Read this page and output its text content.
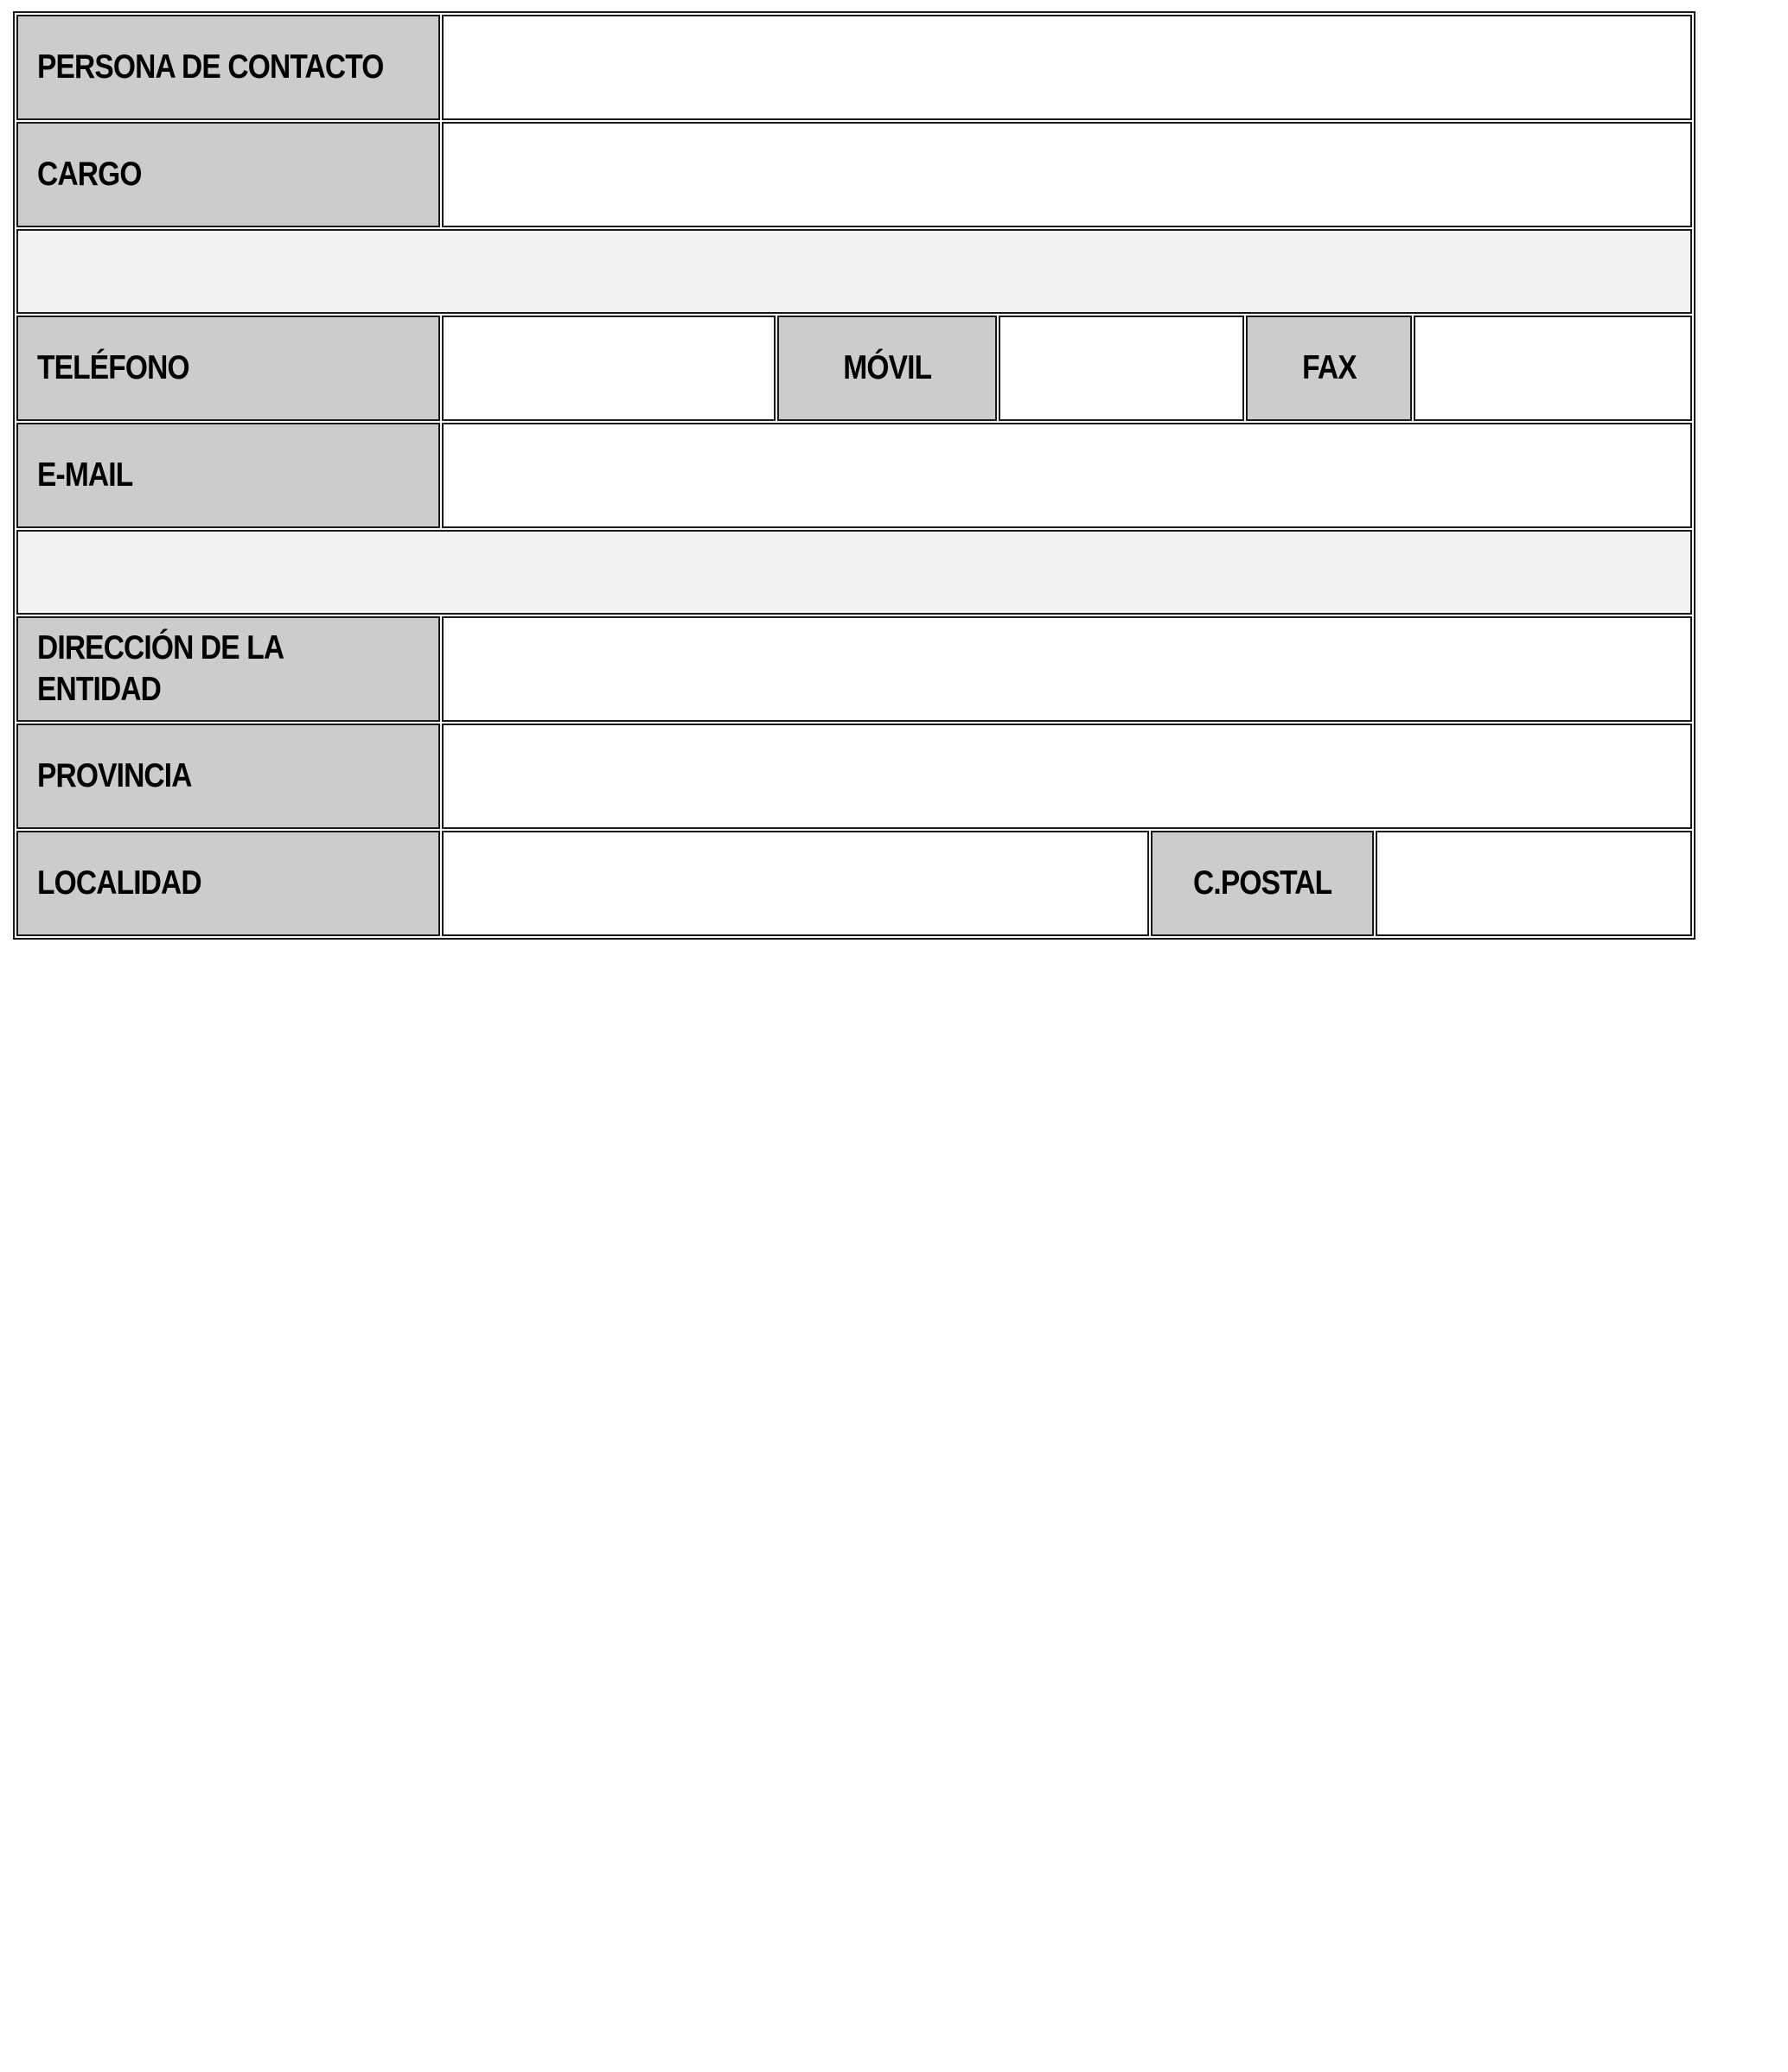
PERSONA DE CONTACTO
CARGO
TELÉFONO	MÓVIL	FAX
E-MAIL
DIRECCIÓN DE LA ENTIDAD
PROVINCIA
LOCALIDAD	C.POSTAL
